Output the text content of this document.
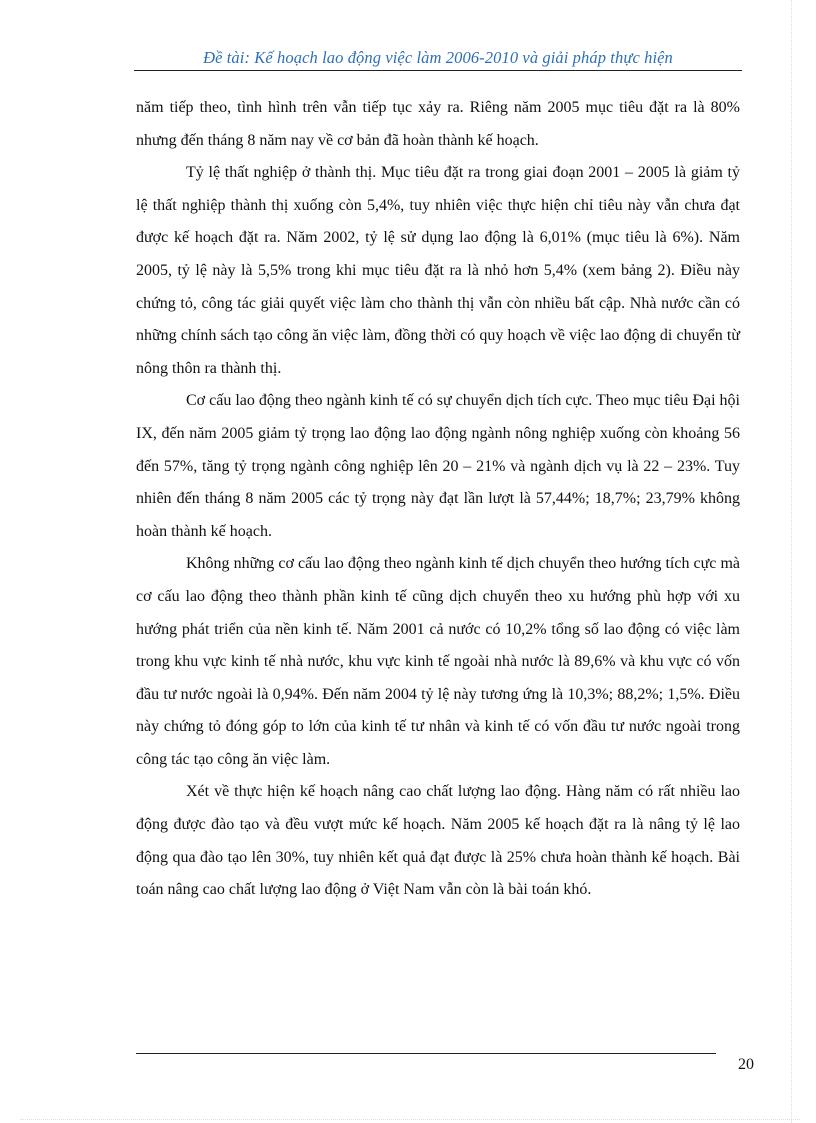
Đề tài: Kế hoạch lao động việc làm 2006-2010 và giải pháp thực hiện

năm tiếp theo, tình hình trên vẫn tiếp tục xảy ra. Riêng năm 2005 mục tiêu đặt ra là 80% nhưng đến tháng 8 năm nay về cơ bản đã hoàn thành kế hoạch.

Tỷ lệ thất nghiệp ở thành thị. Mục tiêu đặt ra trong giai đoạn 2001 – 2005 là giảm tỷ lệ thất nghiệp thành thị xuống còn 5,4%, tuy nhiên việc thực hiện chỉ tiêu này vẫn chưa đạt được kế hoạch đặt ra. Năm 2002, tỷ lệ sử dụng lao động là 6,01% (mục tiêu là 6%). Năm 2005, tỷ lệ này là 5,5% trong khi mục tiêu đặt ra là nhỏ hơn 5,4% (xem bảng 2). Điều này chứng tỏ, công tác giải quyết việc làm cho thành thị vẫn còn nhiều bất cập. Nhà nước cần có những chính sách tạo công ăn việc làm, đồng thời có quy hoạch về việc lao động di chuyển từ nông thôn ra thành thị.

Cơ cấu lao động theo ngành kinh tế có sự chuyển dịch tích cực. Theo mục tiêu Đại hội IX, đến năm 2005 giảm tỷ trọng lao động lao động ngành nông nghiệp xuống còn khoảng 56 đến 57%, tăng tỷ trọng ngành công nghiệp lên 20 – 21% và ngành dịch vụ là 22 – 23%. Tuy nhiên đến tháng 8 năm 2005 các tỷ trọng này đạt lần lượt là 57,44%; 18,7%; 23,79% không hoàn thành kế hoạch.

Không những cơ cấu lao động theo ngành kinh tế dịch chuyển theo hướng tích cực mà cơ cấu lao động theo thành phần kinh tế cũng dịch chuyển theo xu hướng phù hợp với xu hướng phát triển của nền kinh tế. Năm 2001 cả nước có 10,2% tổng số lao động có việc làm trong khu vực kinh tế nhà nước, khu vực kinh tế ngoài nhà nước là 89,6% và khu vực có vốn đầu tư nước ngoài là 0,94%. Đến năm 2004 tỷ lệ này tương ứng là 10,3%; 88,2%; 1,5%. Điều này chứng tỏ đóng góp to lớn của kinh tế tư nhân và kinh tế có vốn đầu tư nước ngoài trong công tác tạo công ăn việc làm.

Xét về thực hiện kế hoạch nâng cao chất lượng lao động. Hàng năm có rất nhiều lao động được đào tạo và đều vượt mức kế hoạch. Năm 2005 kế hoạch đặt ra là nâng tỷ lệ lao động qua đào tạo lên 30%, tuy nhiên kết quả đạt được là 25% chưa hoàn thành kế hoạch. Bài toán nâng cao chất lượng lao động ở Việt Nam vẫn còn là bài toán khó.

20
